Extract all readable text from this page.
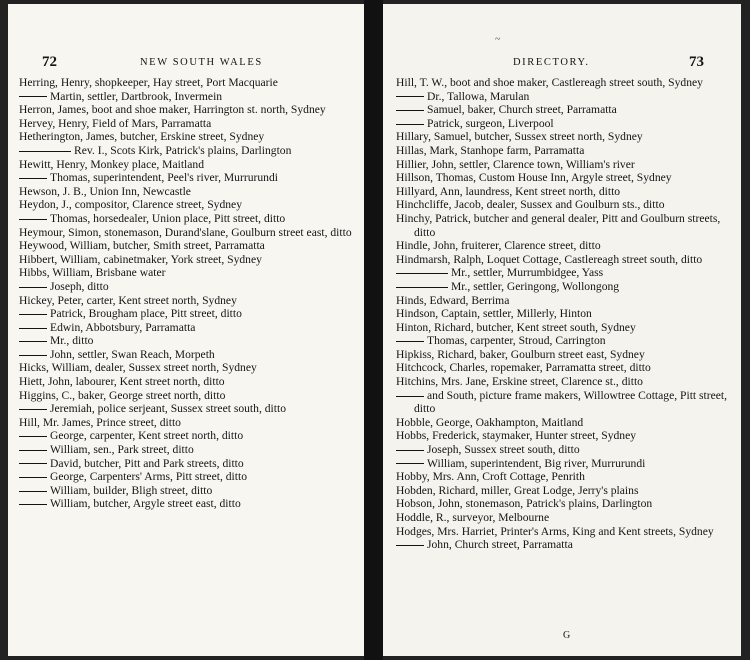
72	NEW SOUTH WALES
Herring, Henry, shopkeeper, Hay street, Port Macquarie
Martin, settler, Dartbrook, Invermein
Herron, James, boot and shoe maker, Harrington st. north, Sydney
Hervey, Henry, Field of Mars, Parramatta
Hetherington, James, butcher, Erskine street, Sydney
Rev. I., Scots Kirk, Patrick's plains, Darlington
Hewitt, Henry, Monkey place, Maitland
Thomas, superintendent, Peel's river, Murrurundi
Hewson, J. B., Union Inn, Newcastle
Heydon, J., compositor, Clarence street, Sydney
Thomas, horsedealer, Union place, Pitt street, ditto
Heymour, Simon, stonemason, Durand'slane, Goulburn street east, ditto
Heywood, William, butcher, Smith street, Parramatta
Hibbert, William, cabinetmaker, York street, Sydney
Hibbs, William, Brisbane water
Joseph, ditto
Hickey, Peter, carter, Kent street north, Sydney
Patrick, Brougham place, Pitt street, ditto
Edwin, Abbotsbury, Parramatta
Mr., ditto
John, settler, Swan Reach, Morpeth
Hicks, William, dealer, Sussex street north, Sydney
Hiett, John, labourer, Kent street north, ditto
Higgins, C., baker, George street north, ditto
Jeremiah, police serjeant, Sussex street south, ditto
Hill, Mr. James, Prince street, ditto
George, carpenter, Kent street north, ditto
William, sen., Park street, ditto
David, butcher, Pitt and Park streets, ditto
George, Carpenters' Arms, Pitt street, ditto
William, builder, Bligh street, ditto
William, butcher, Argyle street east, ditto
~
DIRECTORY.	73
Hill, T. W., boot and shoe maker, Castlereagh street south, Sydney
Dr., Tallowa, Marulan
Samuel, baker, Church street, Parramatta
Patrick, surgeon, Liverpool
Hillary, Samuel, butcher, Sussex street north, Sydney
Hillas, Mark, Stanhope farm, Parramatta
Hillier, John, settler, Clarence town, William's river
Hillson, Thomas, Custom House Inn, Argyle street, Sydney
Hillyard, Ann, laundress, Kent street north, ditto
Hinchcliffe, Jacob, dealer, Sussex and Goulburn sts., ditto
Hinchy, Patrick, butcher and general dealer, Pitt and Goulburn streets, ditto
Hindle, John, fruiterer, Clarence street, ditto
Hindmarsh, Ralph, Loquet Cottage, Castlereagh street south, ditto
Mr., settler, Murrumbidgee, Yass
Mr., settler, Geringong, Wollongong
Hinds, Edward, Berrima
Hindson, Captain, settler, Millerly, Hinton
Hinton, Richard, butcher, Kent street south, Sydney
Thomas, carpenter, Stroud, Carrington
Hipkiss, Richard, baker, Goulburn street east, Sydney
Hitchcock, Charles, ropemaker, Parramatta street, ditto
Hitchins, Mrs. Jane, Erskine street, Clarence st., ditto
and South, picture frame makers, Willowtree Cottage, Pitt street, ditto
Hobble, George, Oakhampton, Maitland
Hobbs, Frederick, staymaker, Hunter street, Sydney
Joseph, Sussex street south, ditto
William, superintendent, Big river, Murrurundi
Hobby, Mrs. Ann, Croft Cottage, Penrith
Hobden, Richard, miller, Great Lodge, Jerry's plains
Hobson, John, stonemason, Patrick's plains, Darlington
Hoddle, R., surveyor, Melbourne
Hodges, Mrs. Harriet, Printer's Arms, King and Kent streets, Sydney
John, Church street, Parramatta
G
